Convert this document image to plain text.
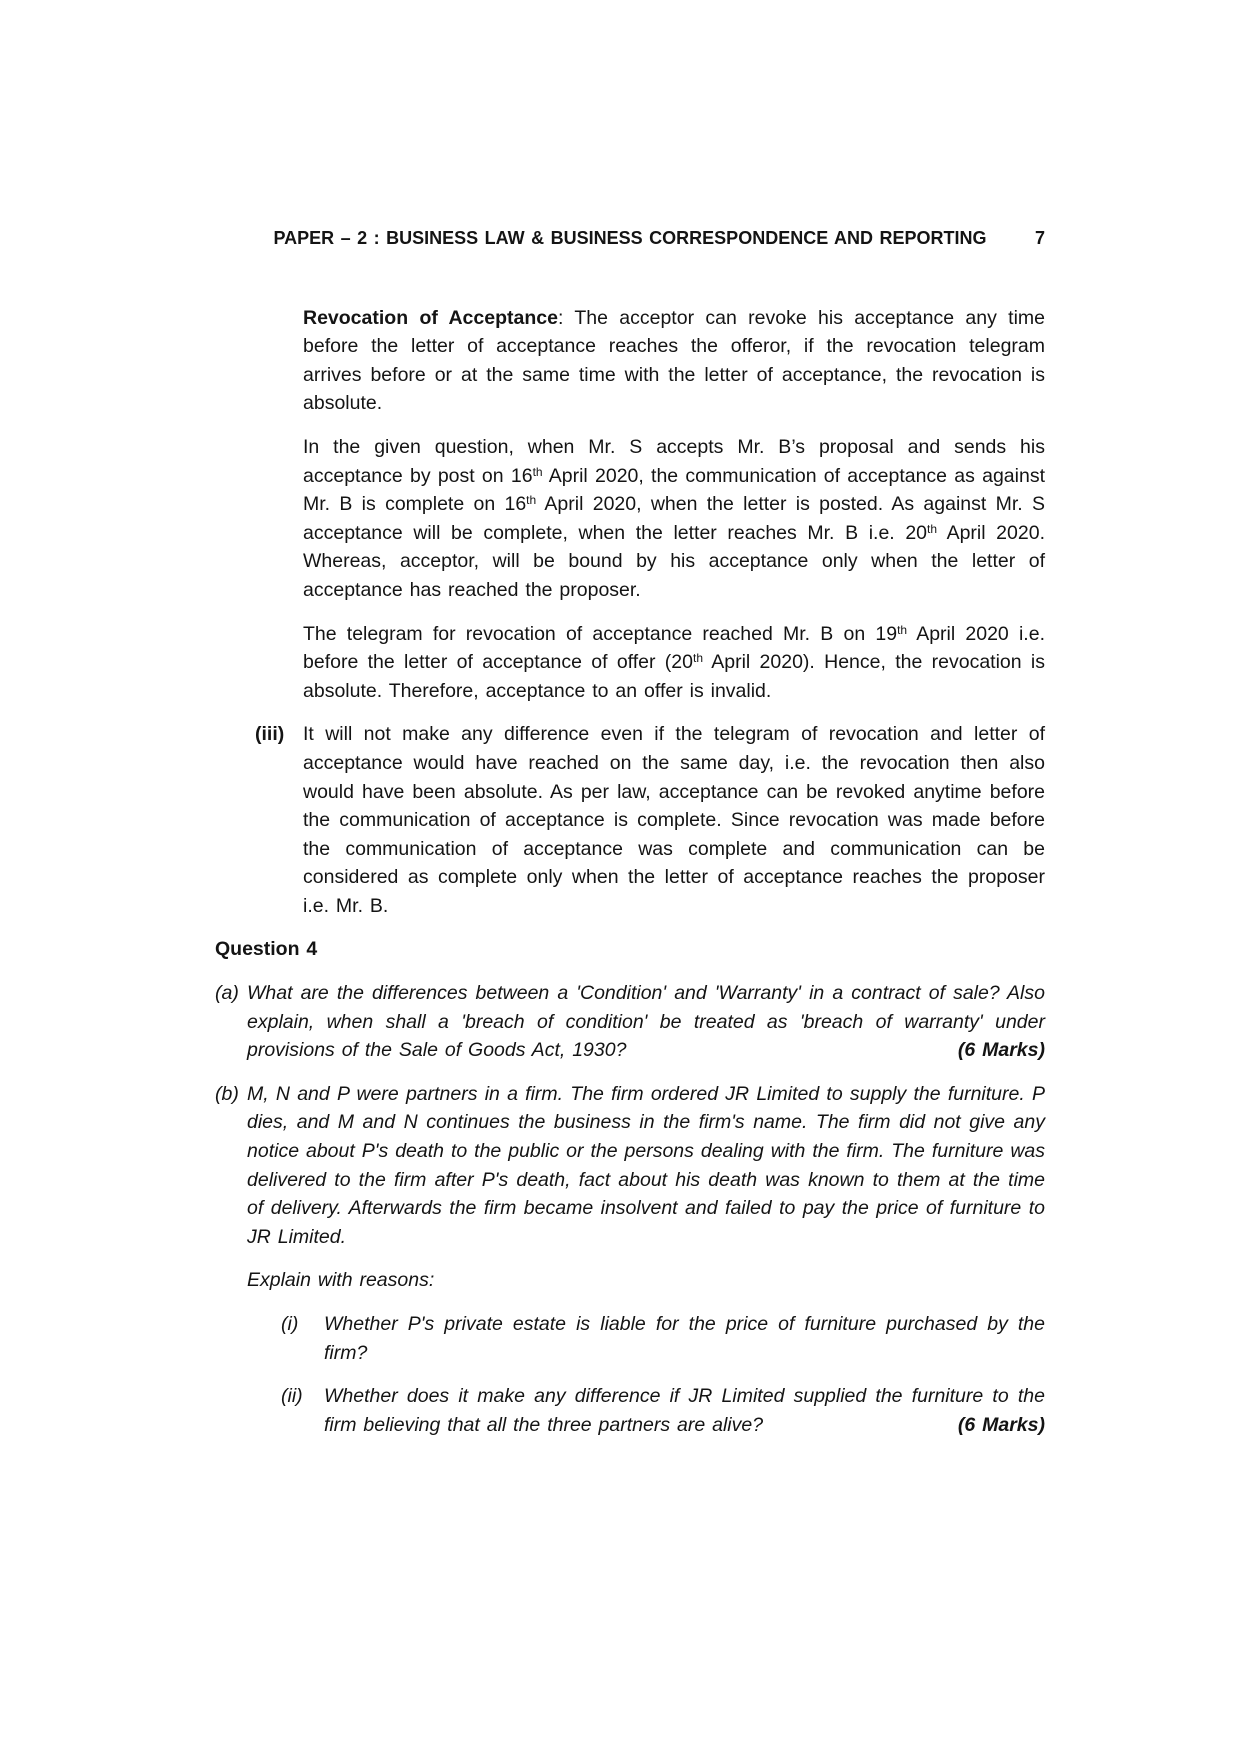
PAPER – 2 : BUSINESS LAW & BUSINESS CORRESPONDENCE AND REPORTING	7

Revocation of Acceptance: The acceptor can revoke his acceptance any time before the letter of acceptance reaches the offeror, if the revocation telegram arrives before or at the same time with the letter of acceptance, the revocation is absolute.

In the given question, when Mr. S accepts Mr. B’s proposal and sends his acceptance by post on 16th April 2020, the communication of acceptance as against Mr. B is complete on 16th April 2020, when the letter is posted. As against Mr. S acceptance will be complete, when the letter reaches Mr. B i.e. 20th April 2020. Whereas, acceptor, will be bound by his acceptance only when the letter of acceptance has reached the proposer.

The telegram for revocation of acceptance reached Mr. B on 19th April 2020 i.e. before the letter of acceptance of offer (20th April 2020). Hence, the revocation is absolute. Therefore, acceptance to an offer is invalid.

(iii) It will not make any difference even if the telegram of revocation and letter of acceptance would have reached on the same day, i.e. the revocation then also would have been absolute. As per law, acceptance can be revoked anytime before the communication of acceptance is complete. Since revocation was made before the communication of acceptance was complete and communication can be considered as complete only when the letter of acceptance reaches the proposer i.e. Mr. B.

Question 4
(a) What are the differences between a 'Condition' and 'Warranty' in a contract of sale? Also explain, when shall a 'breach of condition' be treated as 'breach of warranty' under provisions of the Sale of Goods Act, 1930?	(6 Marks)
(b) M, N and P were partners in a firm. The firm ordered JR Limited to supply the furniture. P dies, and M and N continues the business in the firm's name. The firm did not give any notice about P's death to the public or the persons dealing with the firm. The furniture was delivered to the firm after P's death, fact about his death was known to them at the time of delivery. Afterwards the firm became insolvent and failed to pay the price of furniture to JR Limited.

Explain with reasons:

(i) Whether P's private estate is liable for the price of furniture purchased by the firm?

(ii) Whether does it make any difference if JR Limited supplied the furniture to the firm believing that all the three partners are alive?	(6 Marks)
